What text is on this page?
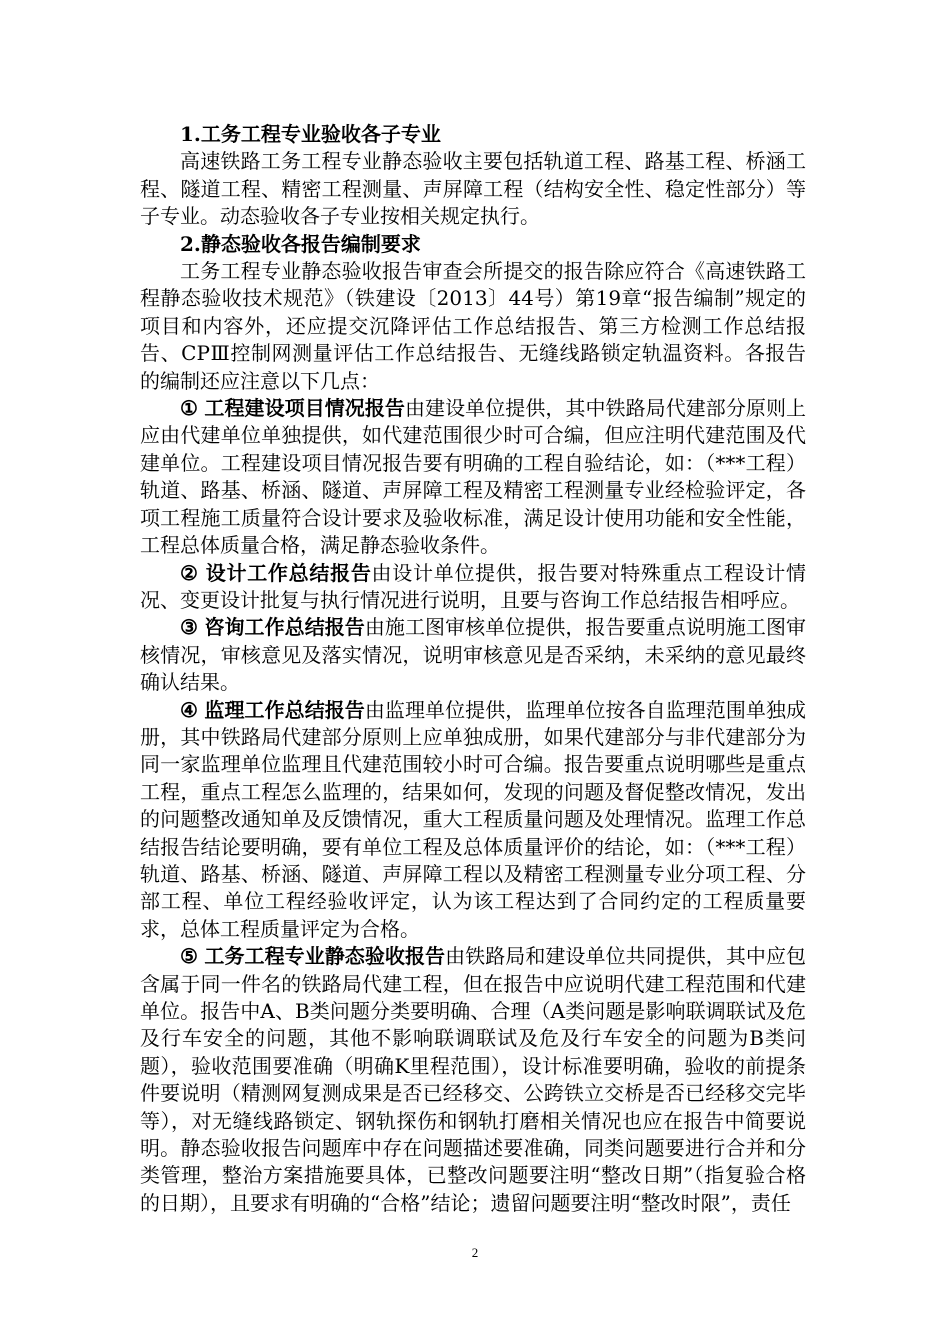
1.工务工程专业验收各子专业

高速铁路工务工程专业静态验收主要包括轨道工程、路基工程、桥涵工程、隧道工程、精密工程测量、声屏障工程（结构安全性、稳定性部分）等子专业。动态验收各子专业按相关规定执行。

2.静态验收各报告编制要求

工务工程专业静态验收报告审查会所提交的报告除应符合《高速铁路工程静态验收技术规范》（铁建设〔2013〕44号）第19章“报告编制”规定的项目和内容外，还应提交沉降评估工作总结报告、第三方检测工作总结报告、CPⅢ控制网测量评估工作总结报告、无缝线路锁定轨温资料。各报告的编制还应注意以下几点：

① 工程建设项目情况报告由建设单位提供，其中铁路局代建部分原则上应由代建单位单独提供，如代建范围很少时可合编，但应注明代建范围及代建单位。工程建设项目情况报告要有明确的工程自验结论，如：（***工程）轨道、路基、桥涵、隧道、声屏障工程及精密工程测量专业经检验评定，各项工程施工质量符合设计要求及验收标准，满足设计使用功能和安全性能，工程总体质量合格，满足静态验收条件。

② 设计工作总结报告由设计单位提供，报告要对特殊重点工程设计情况、变更设计批复与执行情况进行说明，且要与咨询工作总结报告相呼应。

③ 咨询工作总结报告由施工图审核单位提供，报告要重点说明施工图审核情况，审核意见及落实情况，说明审核意见是否采纳，未采纳的意见最终确认结果。

④ 监理工作总结报告由监理单位提供，监理单位按各自监理范围单独成册，其中铁路局代建部分原则上应单独成册，如果代建部分与非代建部分为同一家监理单位监理且代建范围较小时可合编。报告要重点说明哪些是重点工程，重点工程怎么监理的，结果如何，发现的问题及督促整改情况，发出的问题整改通知单及反馈情况，重大工程质量问题及处理情况。监理工作总结报告结论要明确，要有单位工程及总体质量评价的结论，如：（***工程）轨道、路基、桥涵、隧道、声屏障工程以及精密工程测量专业分项工程、分部工程、单位工程经验收评定，认为该工程达到了合同约定的工程质量要求，总体工程质量评定为合格。

⑤ 工务工程专业静态验收报告由铁路局和建设单位共同提供，其中应包含属于同一件名的铁路局代建工程，但在报告中应说明代建工程范围和代建单位。报告中A、B类问题分类要明确、合理（A类问题是影响联调联试及危及行车安全的问题，其他不影响联调联试及危及行车安全的问题为B类问题），验收范围要准确（明确K里程范围），设计标准要明确，验收的前提条件要说明（精测网复测成果是否已经移交、公跨铁立交桥是否已经移交完毕等），对无缝线路锁定、钢轨探伤和钢轨打磨相关情况也应在报告中简要说明。静态验收报告问题库中存在问题描述要准确，同类问题要进行合并和分类管理，整治方案措施要具体，已整改问题要注明“整改日期”（指复验合格的日期），且要求有明确的“合格”结论；遗留问题要注明“整改时限”，责任

2
